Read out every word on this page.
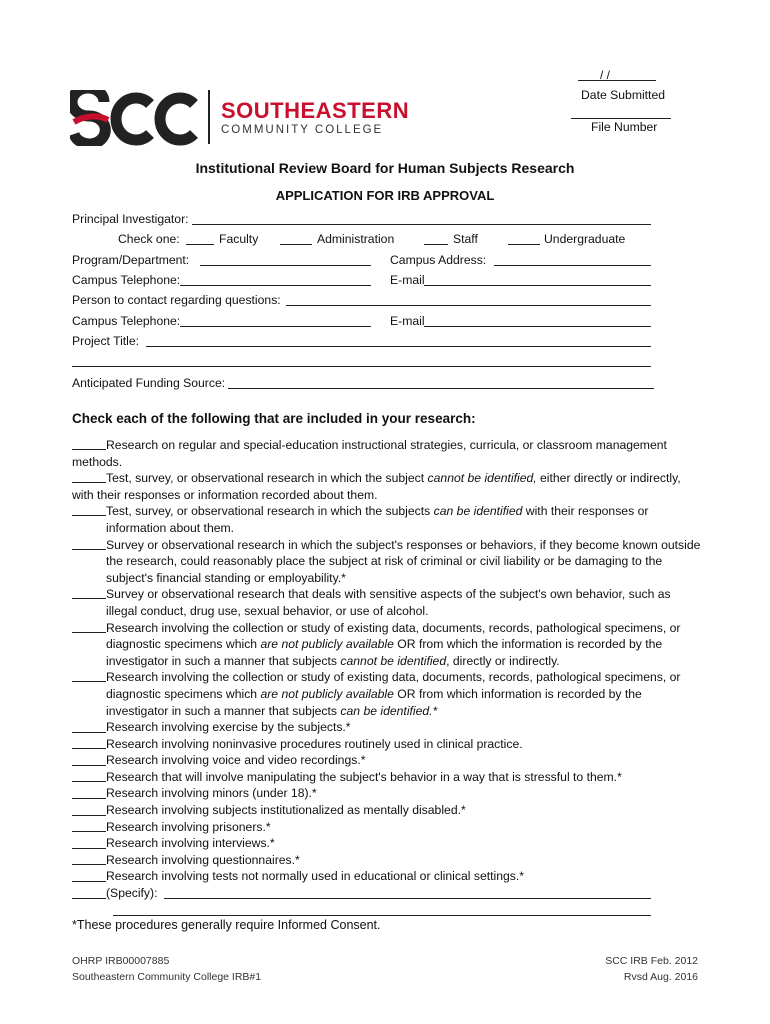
/ /
Date Submitted
File Number
SOUTHEASTERN
COMMUNITY COLLEGE
Institutional Review Board for Human Subjects Research
APPLICATION FOR IRB APPROVAL
Principal Investigator:
Check one:	Faculty	Administration	Staff	Undergraduate
Program/Department:	Campus Address:
Campus Telephone:	E-mail
Person to contact regarding questions:
Campus Telephone:	E-mail
Project Title:
Anticipated Funding Source:
Check each of the following that are included in your research:
Research on regular and special-education instructional strategies, curricula, or classroom management methods.
Test, survey, or observational research in which the subject cannot be identified, either directly or indirectly, with their responses or information recorded about them.
Test, survey, or observational research in which the subjects can be identified with their responses or information about them.
Survey or observational research in which the subject's responses or behaviors, if they become known outside the research, could reasonably place the subject at risk of criminal or civil liability or be damaging to the subject's financial standing or employability.*
Survey or observational research that deals with sensitive aspects of the subject's own behavior, such as illegal conduct, drug use, sexual behavior, or use of alcohol.
Research involving the collection or study of existing data, documents, records, pathological specimens, or diagnostic specimens which are not publicly available OR from which the information is recorded by the investigator in such a manner that subjects cannot be identified, directly or indirectly.
Research involving the collection or study of existing data, documents, records, pathological specimens, or diagnostic specimens which are not publicly available OR from which information is recorded by the investigator in such a manner that subjects can be identified.*
Research involving exercise by the subjects.*
Research involving noninvasive procedures routinely used in clinical practice.
Research involving voice and video recordings.*
Research that will involve manipulating the subject's behavior in a way that is stressful to them.*
Research involving minors (under 18).*
Research involving subjects institutionalized as mentally disabled.*
Research involving prisoners.*
Research involving interviews.*
Research involving questionnaires.*
Research involving tests not normally used in educational or clinical settings.*
(Specify):
*These procedures generally require Informed Consent.
OHRP IRB00007885
Southeastern Community College IRB#1
SCC IRB Feb. 2012
Rvsd Aug. 2016
